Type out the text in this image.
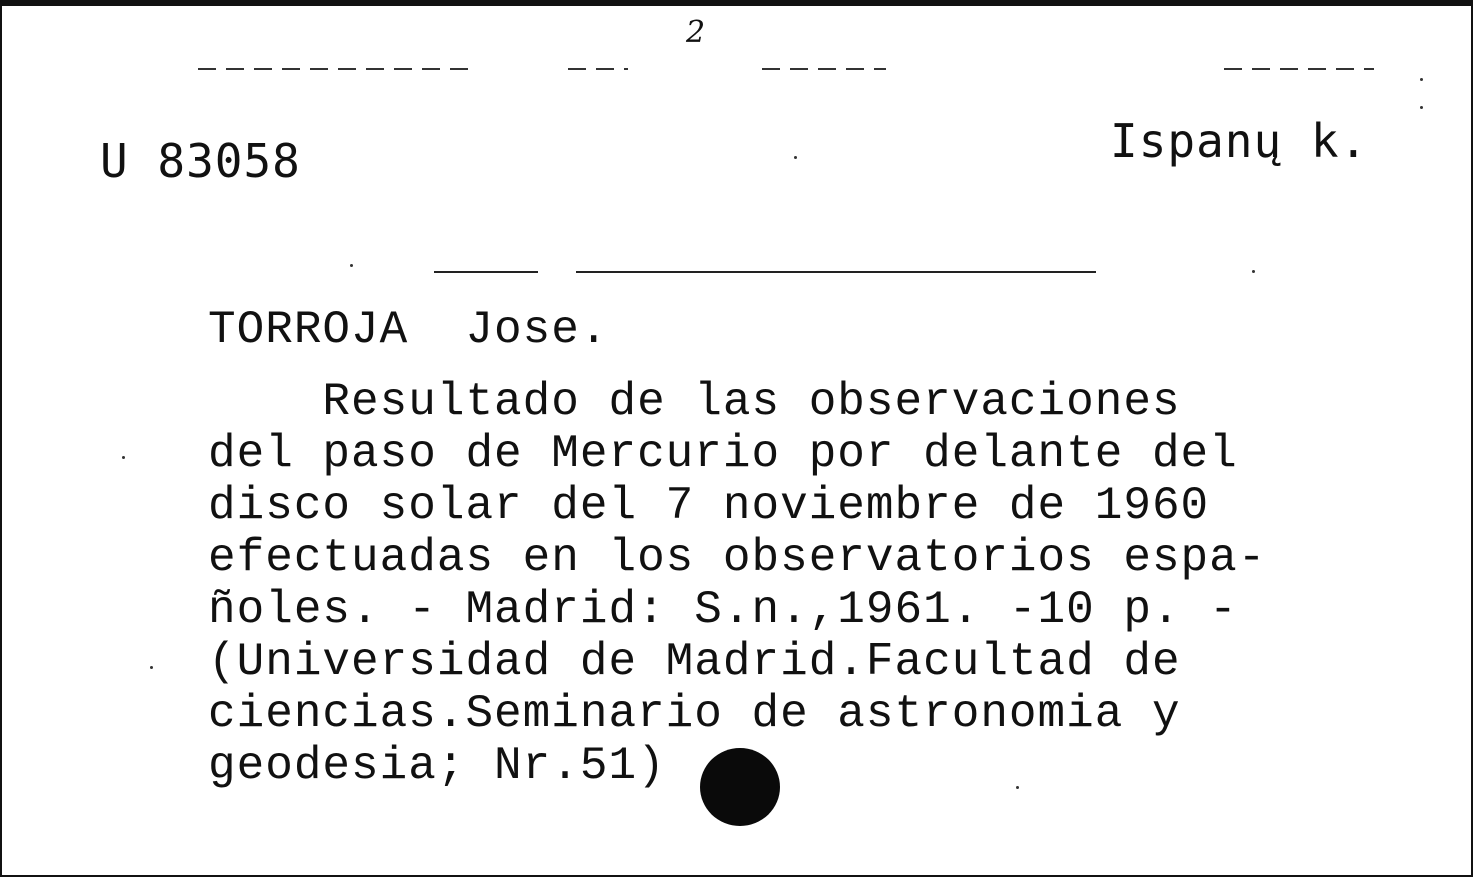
2
U 83058	Ispanų k.
TORROJA  Jose.
Resultado de las observaciones
del paso de Mercurio por delante del
disco solar del 7 noviembre de 1960
efectuadas en los observatorios espa-
ñoles. - Madrid: S.n.,1961. -10 p. -
(Universidad de Madrid.Facultad de
ciencias.Seminario de astronomia y
geodesia; Nr.51)
